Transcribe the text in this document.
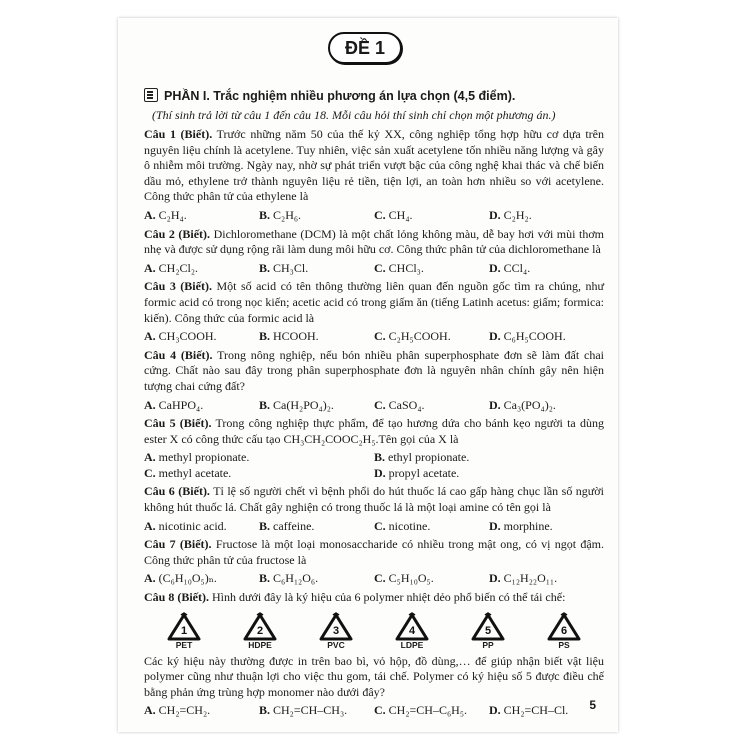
ĐỀ 1
PHẦN I. Trắc nghiệm nhiều phương án lựa chọn (4,5 điểm).
(Thí sinh trả lời từ câu 1 đến câu 18. Mỗi câu hỏi thí sinh chỉ chọn một phương án.)
Câu 1 (Biết). Trước những năm 50 của thế kỷ XX, công nghiệp tổng hợp hữu cơ dựa trên nguyên liệu chính là acetylene. Tuy nhiên, việc sản xuất acetylene tốn nhiều năng lượng và gây ô nhiễm môi trường. Ngày nay, nhờ sự phát triển vượt bậc của công nghệ khai thác và chế biến dầu mỏ, ethylene trở thành nguyên liệu rẻ tiền, tiện lợi, an toàn hơn nhiều so với acetylene. Công thức phân tử của ethylene là
A. C₂H₄.	B. C₂H₆.	C. CH₄.	D. C₂H₂.
Câu 2 (Biết). Dichloromethane (DCM) là một chất lỏng không màu, dễ bay hơi với mùi thơm nhẹ và được sử dụng rộng rãi làm dung môi hữu cơ. Công thức phân tử của dichloromethane là
A. CH₂Cl₂.	B. CH₃Cl.	C. CHCl₃.	D. CCl₄.
Câu 3 (Biết). Một số acid có tên thông thường liên quan đến nguồn gốc tìm ra chúng, như formic acid có trong nọc kiến; acetic acid có trong giấm ăn (tiếng Latinh acetus: giấm; formica: kiến). Công thức của formic acid là
A. CH₃COOH.	B. HCOOH.	C. C₂H₅COOH.	D. C₆H₅COOH.
Câu 4 (Biết). Trong nông nghiệp, nếu bón nhiều phân superphosphate đơn sẽ làm đất chai cứng. Chất nào sau đây trong phân superphosphate đơn là nguyên nhân chính gây nên hiện tượng chai cứng đất?
A. CaHPO₄.	B. Ca(H₂PO₄)₂.	C. CaSO₄.	D. Ca₃(PO₄)₂.
Câu 5 (Biết). Trong công nghiệp thực phẩm, để tạo hương dứa cho bánh kẹo người ta dùng ester X có công thức cấu tạo CH₃CH₂COOC₂H₅.Tên gọi của X là
A. methyl propionate.	B. ethyl propionate.
C. methyl acetate.	D. propyl acetate.
Câu 6 (Biết). Tỉ lệ số người chết vì bệnh phổi do hút thuốc lá cao gấp hàng chục lần số người không hút thuốc lá. Chất gây nghiện có trong thuốc lá là một loại amine có tên gọi là
A. nicotinic acid.	B. caffeine.	C. nicotine.	D. morphine.
Câu 7 (Biết). Fructose là một loại monosaccharide có nhiều trong mật ong, có vị ngọt đậm. Công thức phân tử của fructose là
A. (C₆H₁₀O₅)ₙ.	B. C₆H₁₂O₆.	C. C₅H₁₀O₅.	D. C₁₂H₂₂O₁₁.
Câu 8 (Biết). Hình dưới đây là ký hiệu của 6 polymer nhiệt dẻo phổ biến có thể tái chế:
1
PET
2
HDPE
3
PVC
4
LDPE
5
PP
6
PS
Các ký hiệu này thường được in trên bao bì, vỏ hộp, đồ dùng,… để giúp nhận biết vật liệu polymer cũng như thuận lợi cho việc thu gom, tái chế. Polymer có ký hiệu số 5 được điều chế bằng phản ứng trùng hợp monomer nào dưới đây?
A. CH₂=CH₂.	B. CH₂=CH–CH₃.	C. CH₂=CH–C₆H₅.	D. CH₂=CH–Cl.	5
